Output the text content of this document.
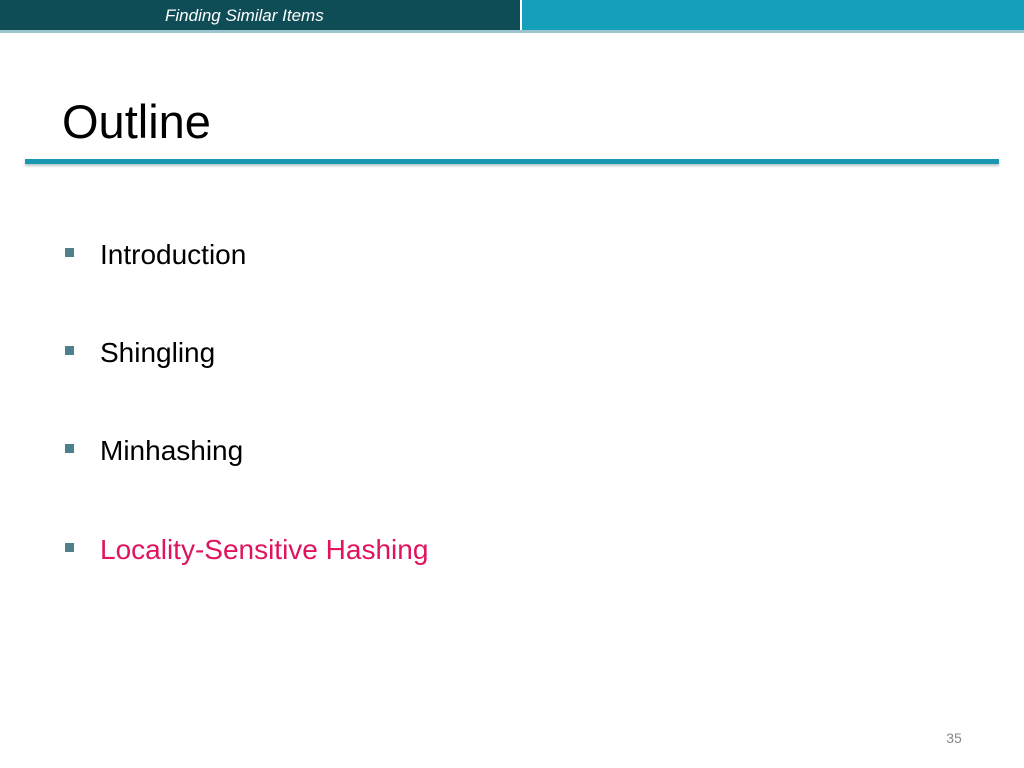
Finding Similar Items
Outline
Introduction
Shingling
Minhashing
Locality-Sensitive Hashing
35
